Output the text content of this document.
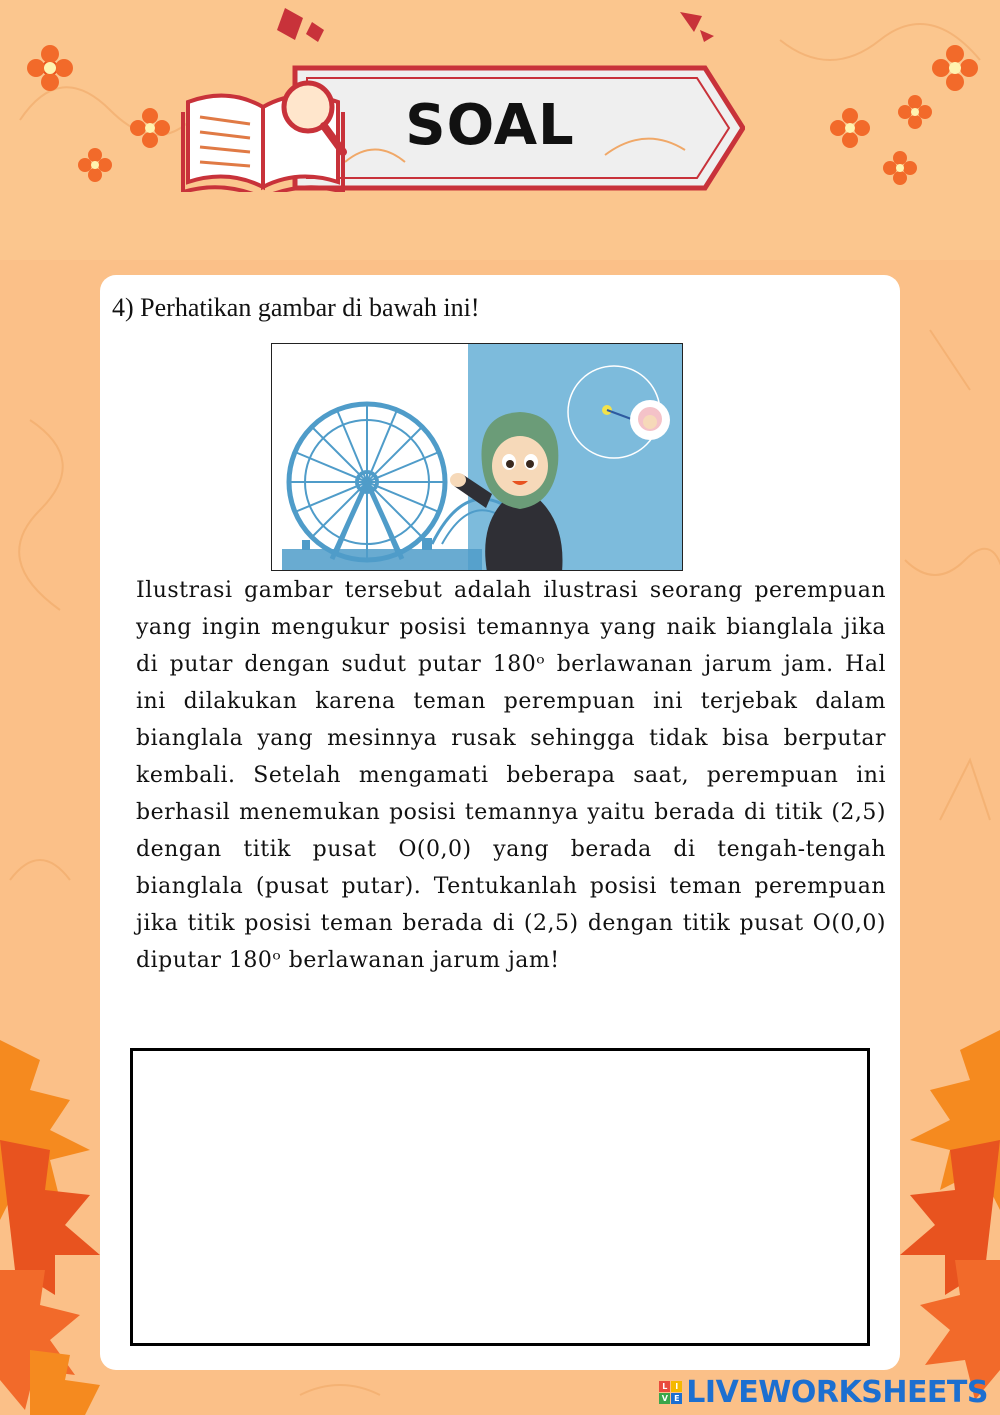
SOAL
4) Perhatikan gambar di bawah ini!
Ilustrasi gambar tersebut adalah ilustrasi seorang perempuan yang ingin mengukur posisi temannya yang naik bianglala jika di putar dengan sudut putar 180ᵒ berlawanan jarum jam. Hal ini dilakukan karena teman perempuan ini terjebak dalam bianglala yang mesinnya rusak sehingga tidak bisa berputar kembali. Setelah mengamati beberapa saat, perempuan ini berhasil menemukan posisi temannya yaitu berada di titik (2,5) dengan titik pusat O(0,0) yang berada di tengah-tengah bianglala (pusat putar). Tentukanlah posisi teman perempuan jika titik posisi teman berada di (2,5) dengan titik pusat O(0,0) diputar 180ᵒ berlawanan jarum jam!
L I
V E LIVEWORKSHEETS
